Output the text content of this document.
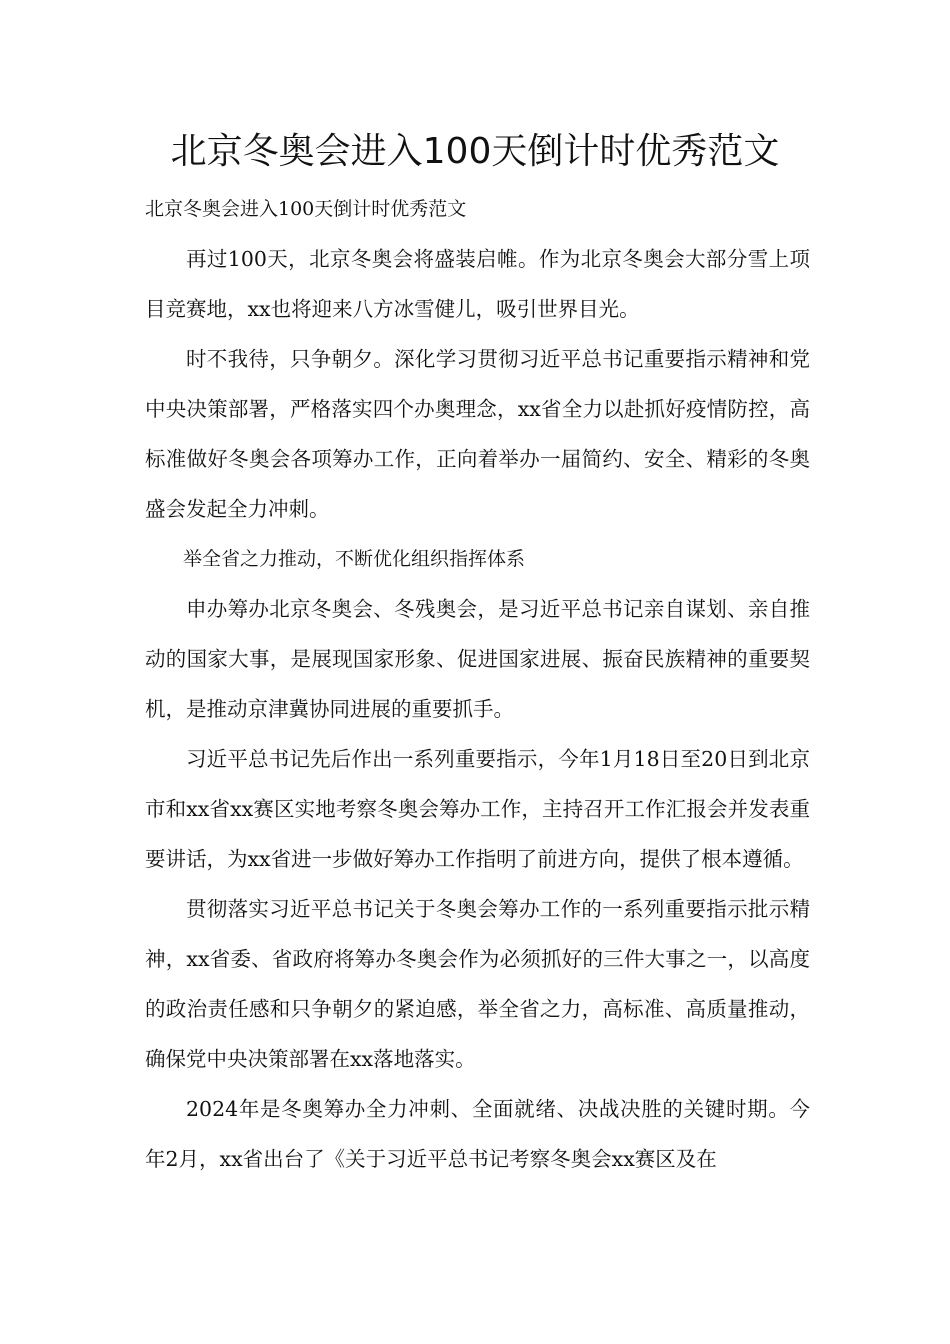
北京冬奥会进入100天倒计时优秀范文

北京冬奥会进入100天倒计时优秀范文

再过100天，北京冬奥会将盛装启帷。作为北京冬奥会大部分雪上项目竞赛地，xx也将迎来八方冰雪健儿，吸引世界目光。

时不我待，只争朝夕。深化学习贯彻习近平总书记重要指示精神和党中央决策部署，严格落实四个办奥理念，xx省全力以赴抓好疫情防控，高标准做好冬奥会各项筹办工作，正向着举办一届简约、安全、精彩的冬奥盛会发起全力冲刺。

举全省之力推动，不断优化组织指挥体系

申办筹办北京冬奥会、冬残奥会，是习近平总书记亲自谋划、亲自推动的国家大事，是展现国家形象、促进国家进展、振奋民族精神的重要契机，是推动京津冀协同进展的重要抓手。

习近平总书记先后作出一系列重要指示，今年1月18日至20日到北京市和xx省xx赛区实地考察冬奥会筹办工作，主持召开工作汇报会并发表重要讲话，为xx省进一步做好筹办工作指明了前进方向，提供了根本遵循。

贯彻落实习近平总书记关于冬奥会筹办工作的一系列重要指示批示精神，xx省委、省政府将筹办冬奥会作为必须抓好的三件大事之一，以高度的政治责任感和只争朝夕的紧迫感，举全省之力，高标准、高质量推动，确保党中央决策部署在xx落地落实。

2024年是冬奥筹办全力冲刺、全面就绪、决战决胜的关键时期。今年2月，xx省出台了《关于习近平总书记考察冬奥会xx赛区及在
